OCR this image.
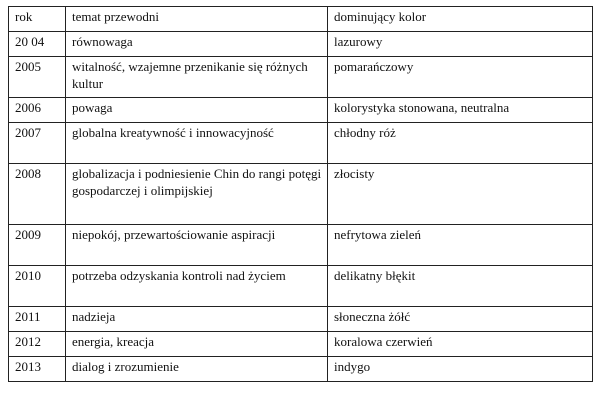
rok	temat przewodni	dominujący kolor
20 04	równowaga	lazurowy
2005	witalność, wzajemne przenikanie się różnych kultur	pomarańczowy
2006	powaga	kolorystyka stonowana, neutralna
2007	globalna kreatywność i innowacyjność	chłodny róż
2008	globalizacja i podniesienie Chin do rangi potęgi gospodarczej i olimpijskiej	złocisty
2009	niepokój, przewartościowanie aspiracji	nefrytowa zieleń
2010	potrzeba odzyskania kontroli nad życiem	delikatny błękit
2011	nadzieja	słoneczna żółć
2012	energia, kreacja	koralowa czerwień
2013	dialog i zrozumienie	indygo
